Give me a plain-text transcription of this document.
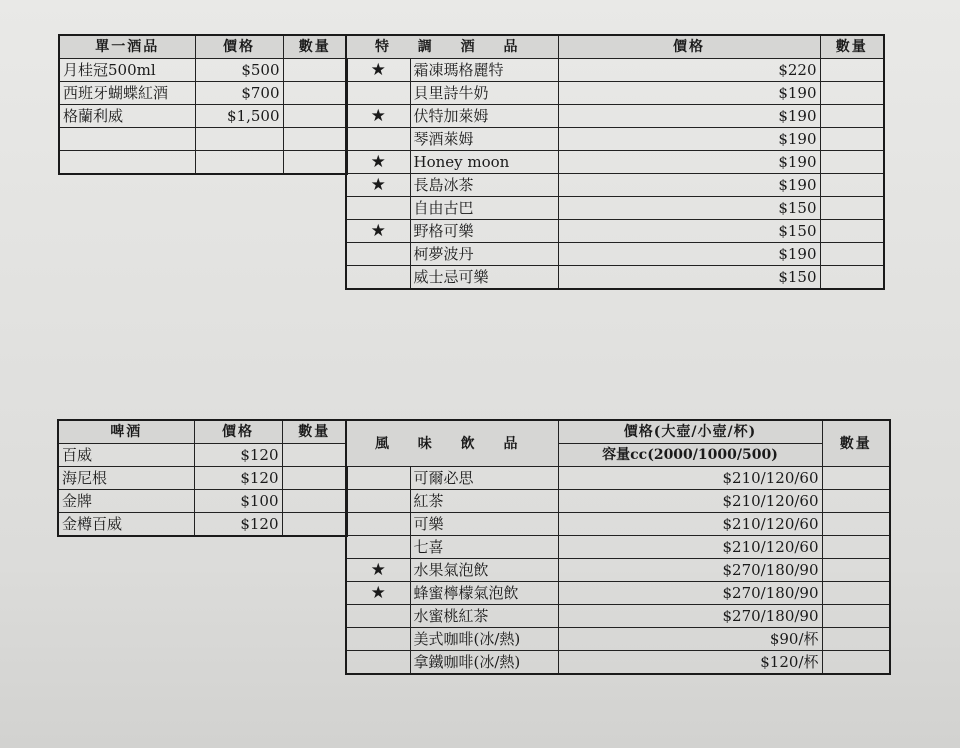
單一酒品	價格	數量
月桂冠500ml	$500	
西班牙蝴蝶紅酒	$700	
格蘭利威	$1,500	

特 調 酒 品		價格	數量
★	霜凍瑪格麗特	$220	
	貝里詩牛奶	$190	
★	伏特加萊姆	$190	
	琴酒萊姆	$190	
★	Honey moon	$190	
★	長島冰茶	$190	
	自由古巴	$150	
★	野格可樂	$150	
	柯夢波丹	$190	
	威士忌可樂	$150	
啤酒	價格	數量
百威	$120	
海尼根	$120	
金牌	$100	
金樽百威	$120	
風 味 飲 品		價格(大壺/小壺/杯)	數量
		容量cc(2000/1000/500)	
	可爾必思	$210/120/60	
	紅茶	$210/120/60	
	可樂	$210/120/60	
	七喜	$210/120/60	
★	水果氣泡飲	$270/180/90	
★	蜂蜜檸檬氣泡飲	$270/180/90	
	水蜜桃紅茶	$270/180/90	
	美式咖啡(冰/熱)	$90/杯	
	拿鐵咖啡(冰/熱)	$120/杯	
